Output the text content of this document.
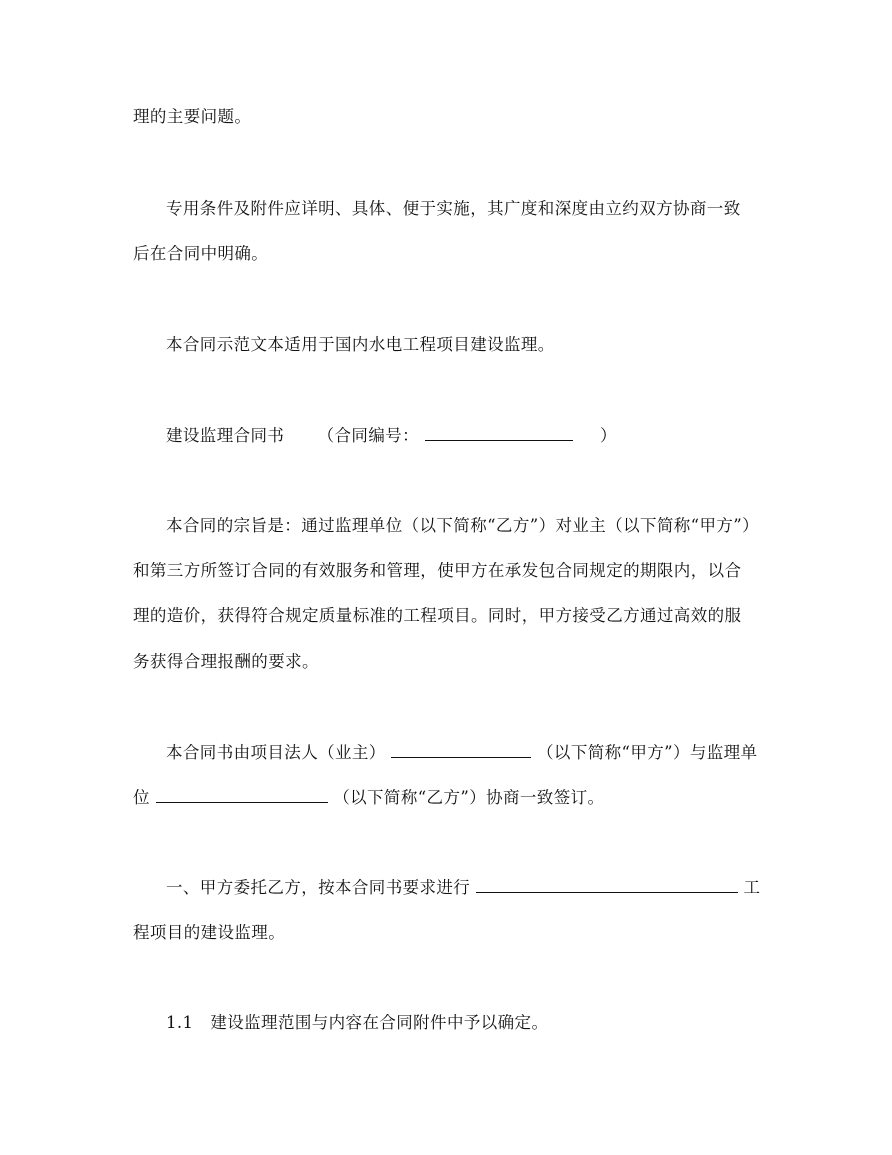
理的主要问题。
专用条件及附件应详明、具体、便于实施，其广度和深度由立约双方协商一致
后在合同中明确。
本合同示范文本适用于国内水电工程项目建设监理。
建设监理合同书 （合同编号：	）
本合同的宗旨是：通过监理单位（以下简称“乙方”）对业主（以下简称“甲方”）
和第三方所签订合同的有效服务和管理，使甲方在承发包合同规定的期限内，以合
理的造价，获得符合规定质量标准的工程项目。同时，甲方接受乙方通过高效的服
务获得合理报酬的要求。
本合同书由项目法人（业主）	（以下简称“甲方”）与监理单
位	（以下简称“乙方”）协商一致签订。
一、甲方委托乙方，按本合同书要求进行	工
程项目的建设监理。
1.1　建设监理范围与内容在合同附件中予以确定。
